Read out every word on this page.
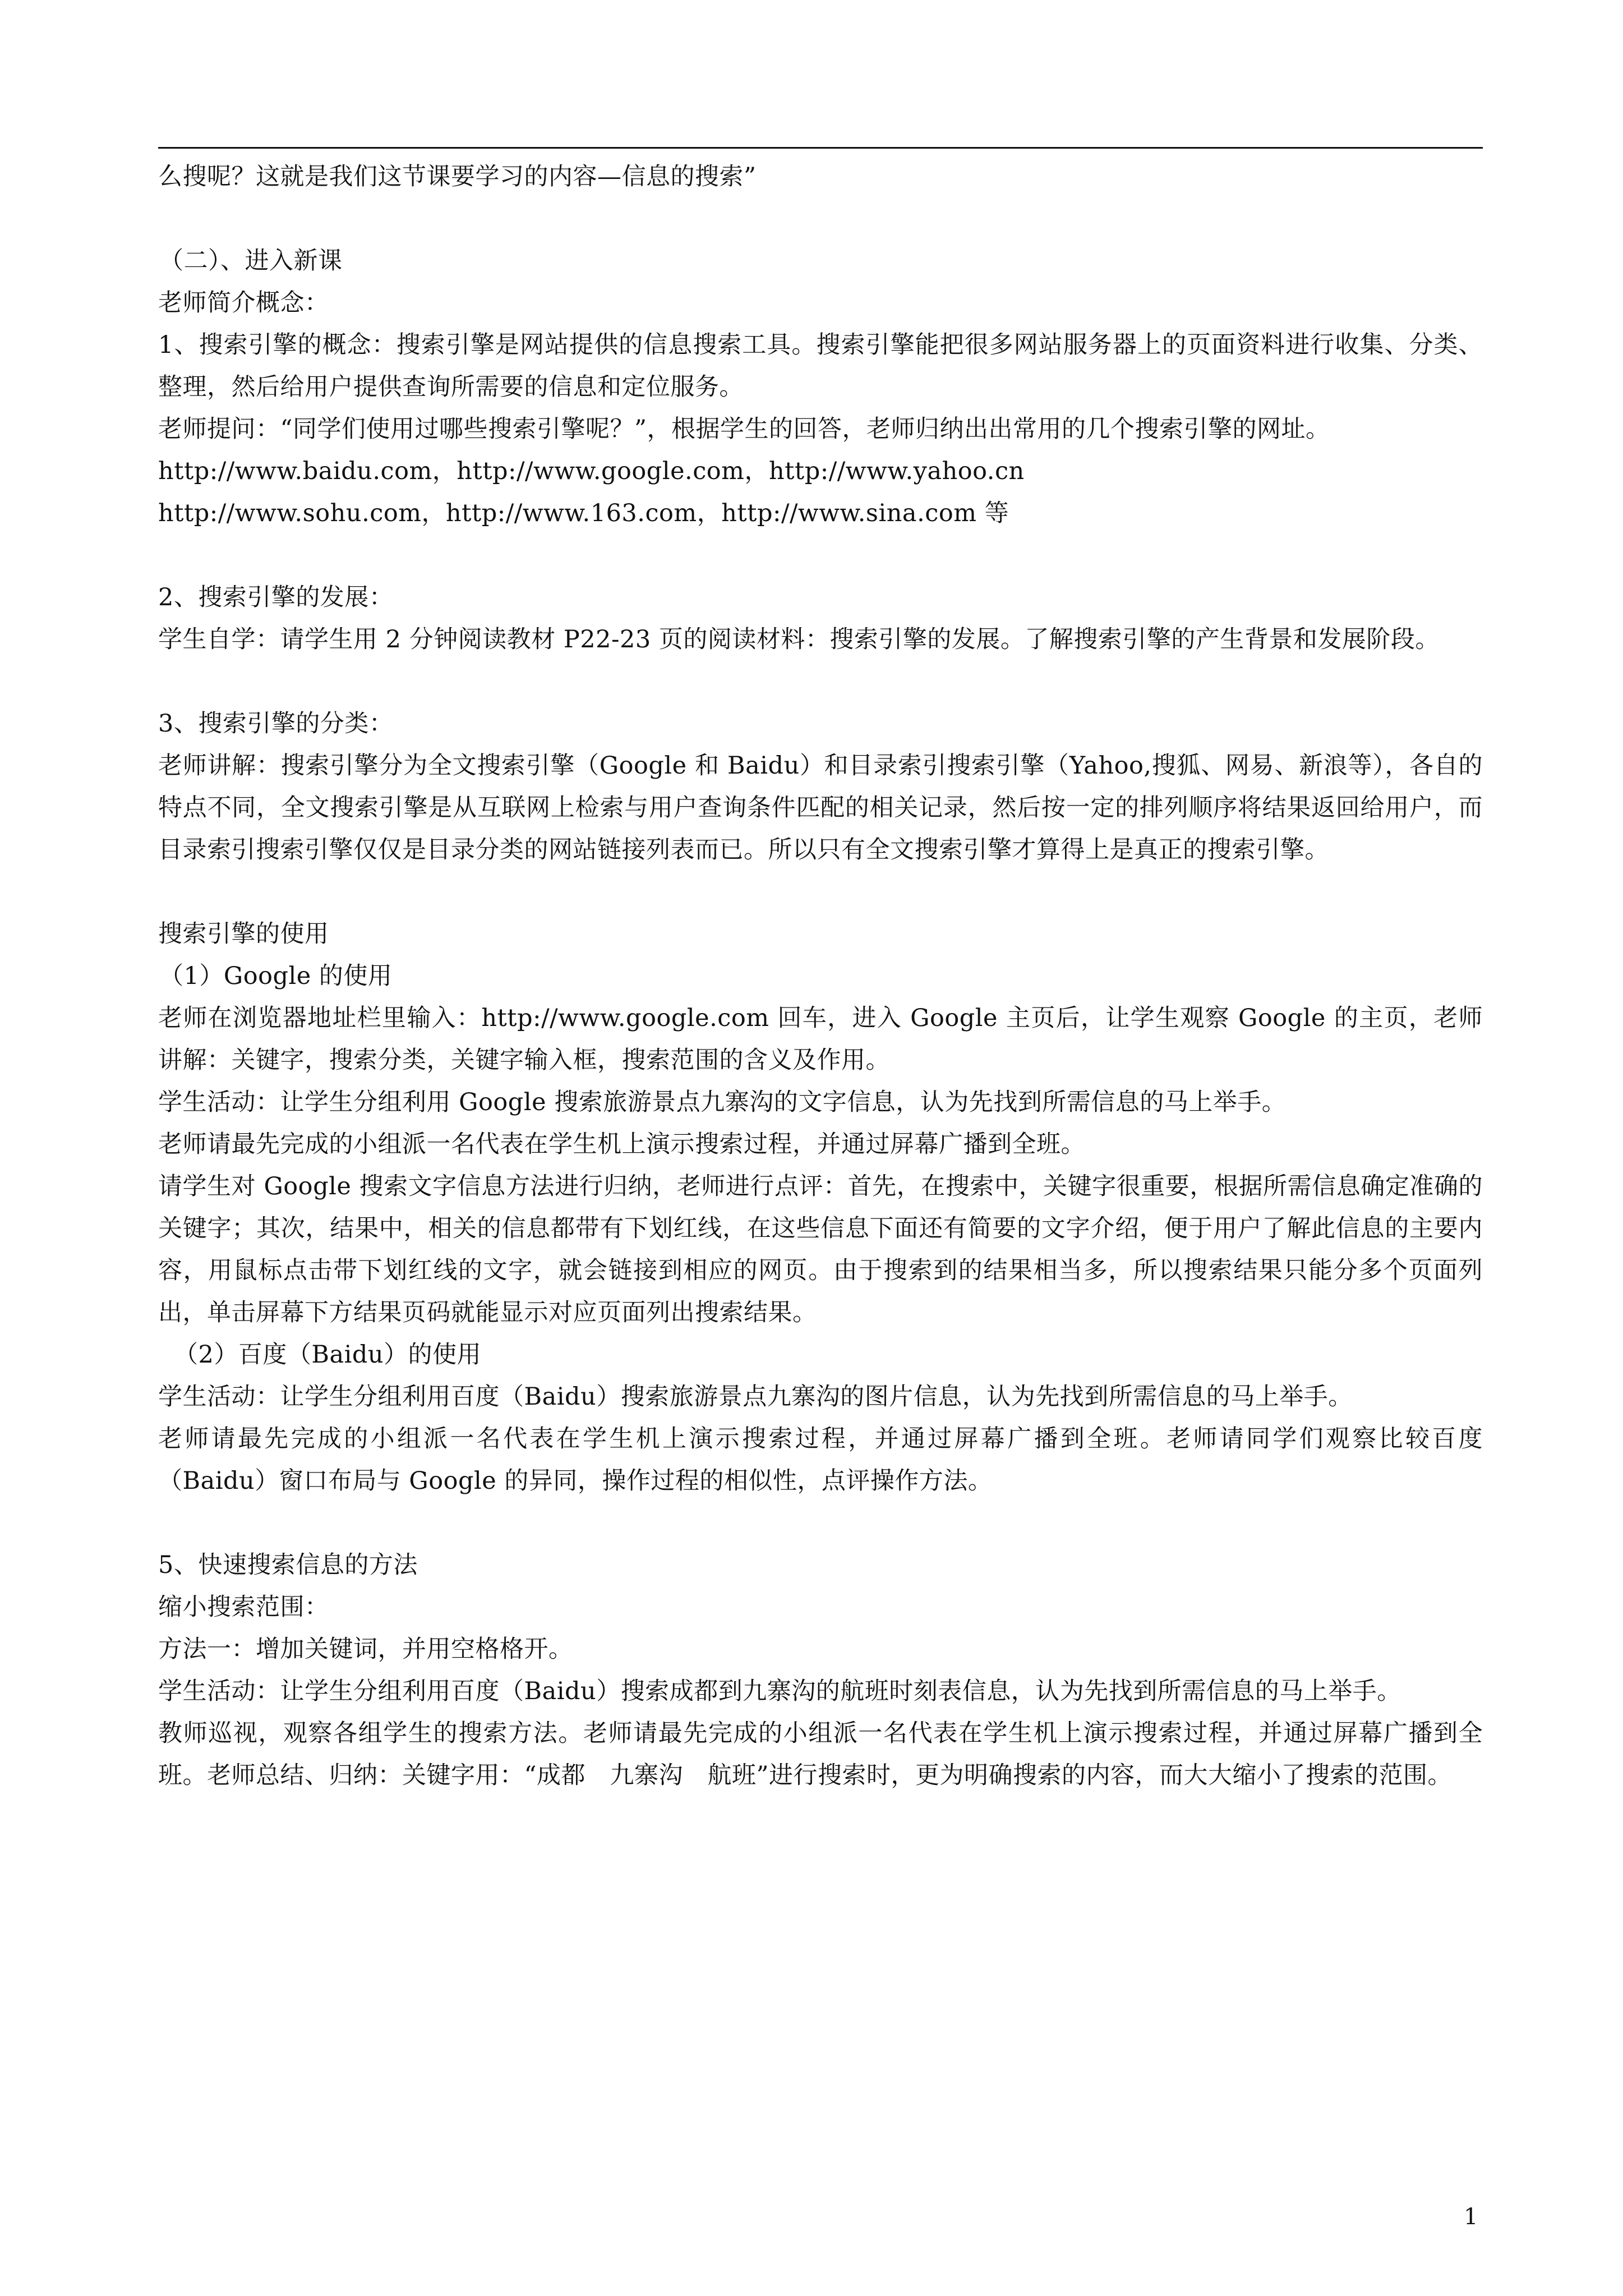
么搜呢？这就是我们这节课要学习的内容—信息的搜索”

（二）、进入新课

老师简介概念：

1、搜索引擎的概念：搜索引擎是网站提供的信息搜索工具。搜索引擎能把很多网站服务器上的页面资料进行收集、分类、整理，然后给用户提供查询所需要的信息和定位服务。

老师提问：“同学们使用过哪些搜索引擎呢？”，根据学生的回答，老师归纳出出常用的几个搜索引擎的网址。

http://www.baidu.com，http://www.google.com，http://www.yahoo.cn

http://www.sohu.com，http://www.163.com，http://www.sina.com 等

2、搜索引擎的发展：

学生自学：请学生用 2 分钟阅读教材 P22-23 页的阅读材料：搜索引擎的发展。了解搜索引擎的产生背景和发展阶段。

3、搜索引擎的分类：

老师讲解：搜索引擎分为全文搜索引擎（Google 和 Baidu）和目录索引搜索引擎（Yahoo,搜狐、网易、新浪等），各自的特点不同，全文搜索引擎是从互联网上检索与用户查询条件匹配的相关记录，然后按一定的排列顺序将结果返回给用户，而目录索引搜索引擎仅仅是目录分类的网站链接列表而已。所以只有全文搜索引擎才算得上是真正的搜索引擎。

搜索引擎的使用

（1）Google 的使用

老师在浏览器地址栏里输入：http://www.google.com 回车，进入 Google 主页后，让学生观察 Google 的主页，老师讲解：关键字，搜索分类，关键字输入框，搜索范围的含义及作用。

学生活动：让学生分组利用 Google 搜索旅游景点九寨沟的文字信息，认为先找到所需信息的马上举手。

老师请最先完成的小组派一名代表在学生机上演示搜索过程，并通过屏幕广播到全班。

请学生对 Google 搜索文字信息方法进行归纳，老师进行点评：首先，在搜索中，关键字很重要，根据所需信息确定准确的关键字；其次，结果中，相关的信息都带有下划红线，在这些信息下面还有简要的文字介绍，便于用户了解此信息的主要内容，用鼠标点击带下划红线的文字，就会链接到相应的网页。由于搜索到的结果相当多，所以搜索结果只能分多个页面列出，单击屏幕下方结果页码就能显示对应页面列出搜索结果。

（2）百度（Baidu）的使用

学生活动：让学生分组利用百度（Baidu）搜索旅游景点九寨沟的图片信息，认为先找到所需信息的马上举手。

老师请最先完成的小组派一名代表在学生机上演示搜索过程，并通过屏幕广播到全班。老师请同学们观察比较百度（Baidu）窗口布局与 Google 的异同，操作过程的相似性，点评操作方法。

5、快速搜索信息的方法

缩小搜索范围：

方法一：增加关键词，并用空格格开。

学生活动：让学生分组利用百度（Baidu）搜索成都到九寨沟的航班时刻表信息，认为先找到所需信息的马上举手。

教师巡视，观察各组学生的搜索方法。老师请最先完成的小组派一名代表在学生机上演示搜索过程，并通过屏幕广播到全班。老师总结、归纳：关键字用：“成都　九寨沟　航班”进行搜索时，更为明确搜索的内容，而大大缩小了搜索的范围。

1
